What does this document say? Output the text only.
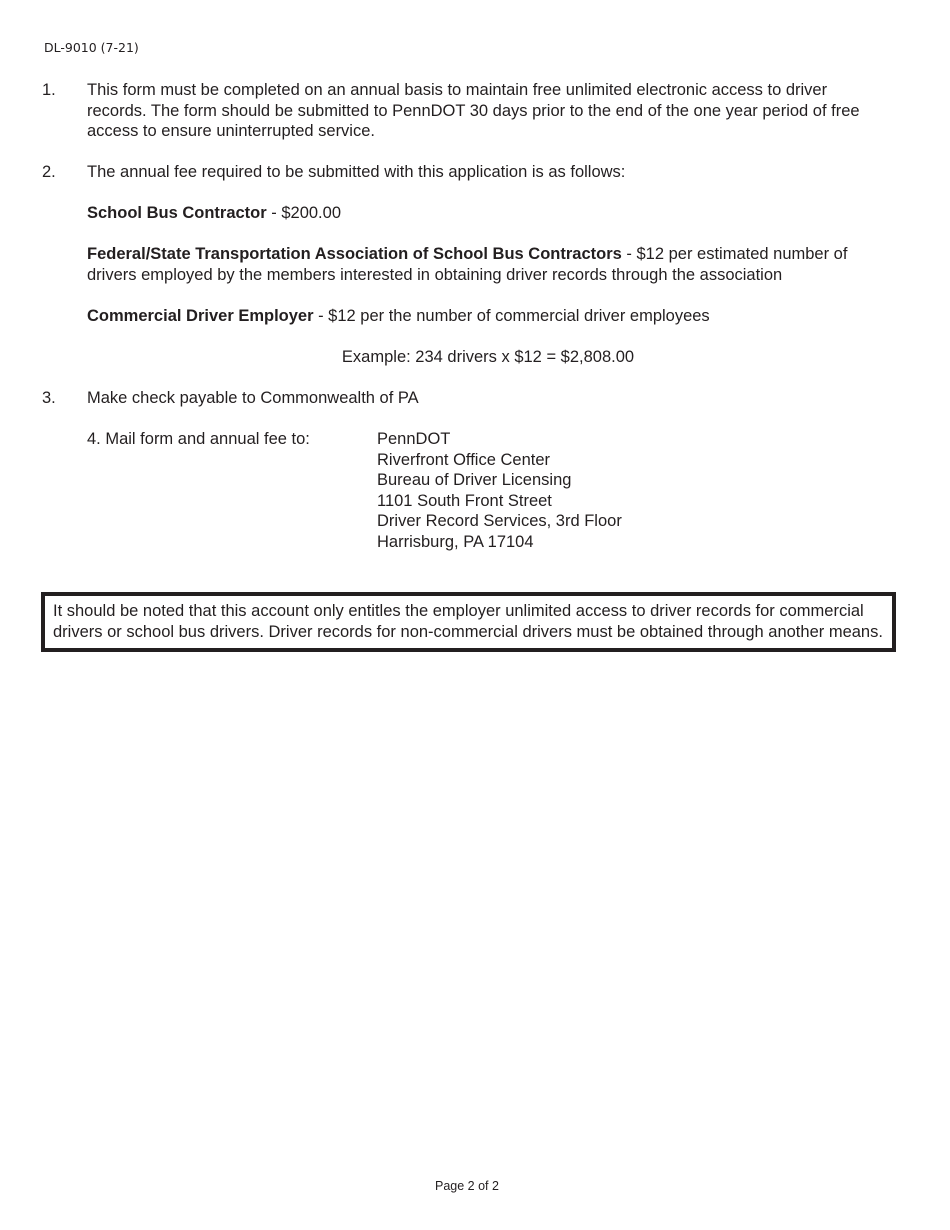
DL-9010 (7-21)
1. This form must be completed on an annual basis to maintain free unlimited electronic access to driver records. The form should be submitted to PennDOT 30 days prior to the end of the one year period of free access to ensure uninterrupted service.
2. The annual fee required to be submitted with this application is as follows:
School Bus Contractor - $200.00
Federal/State Transportation Association of School Bus Contractors - $12 per estimated number of drivers employed by the members interested in obtaining driver records through the association
Commercial Driver Employer - $12 per the number of commercial driver employees
Example: 234 drivers x $12 = $2,808.00
3. Make check payable to Commonwealth of PA
4. Mail form and annual fee to:	PennDOT
Riverfront Office Center
Bureau of Driver Licensing
1101 South Front Street
Driver Record Services, 3rd Floor
Harrisburg, PA 17104
It should be noted that this account only entitles the employer unlimited access to driver records for commercial drivers or school bus drivers. Driver records for non-commercial drivers must be obtained through another means.
Page 2 of 2
